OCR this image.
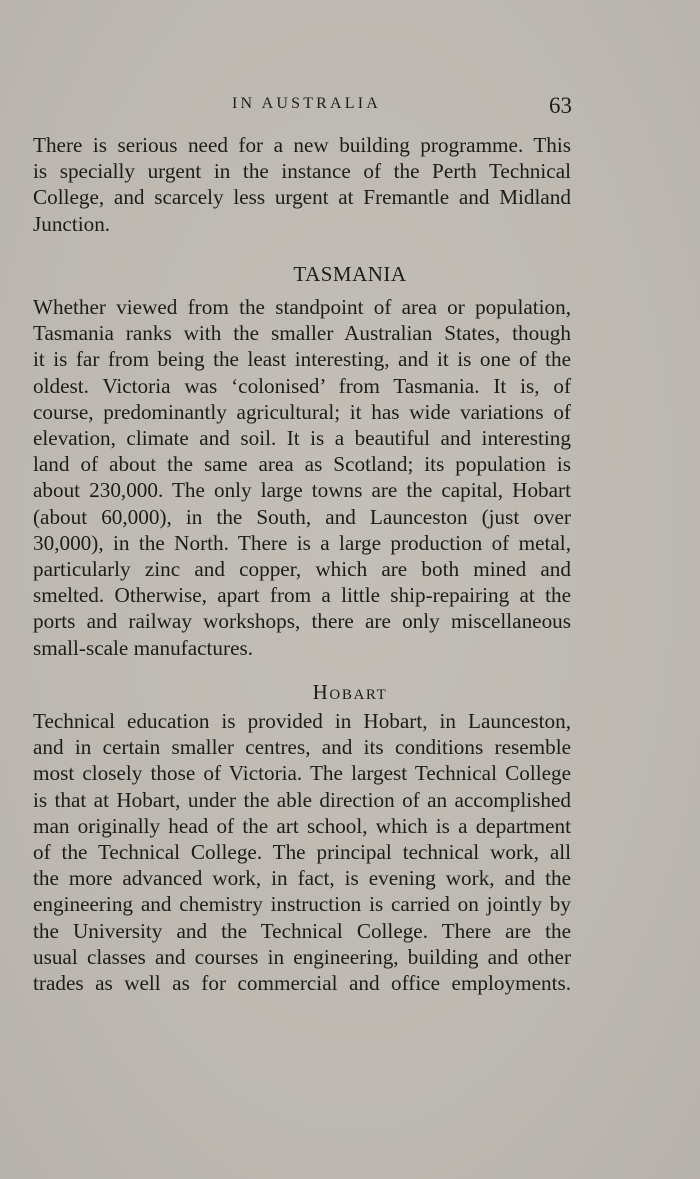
IN AUSTRALIA	63

There is serious need for a new building programme. This
is specially urgent in the instance of the Perth Technical
College, and scarcely less urgent at Fremantle and Midland
Junction.

TASMANIA

Whether viewed from the standpoint of area or population,
Tasmania ranks with the smaller Australian States, though
it is far from being the least interesting, and it is one of the
oldest. Victoria was ‘colonised’ from Tasmania. It is, of
course, predominantly agricultural; it has wide variations of
elevation, climate and soil. It is a beautiful and interesting
land of about the same area as Scotland; its population is
about 230,000. The only large towns are the capital, Hobart
(about 60,000), in the South, and Launceston (just over
30,000), in the North. There is a large production of metal,
particularly zinc and copper, which are both mined and
smelted. Otherwise, apart from a little ship-repairing at the
ports and railway workshops, there are only miscellaneous
small-scale manufactures.

Hobart

Technical education is provided in Hobart, in Launceston,
and in certain smaller centres, and its conditions resemble
most closely those of Victoria. The largest Technical College
is that at Hobart, under the able direction of an accomplished
man originally head of the art school, which is a department
of the Technical College. The principal technical work, all
the more advanced work, in fact, is evening work, and the
engineering and chemistry instruction is carried on jointly by
the University and the Technical College. There are the
usual classes and courses in engineering, building and other
trades as well as for commercial and office employments.
